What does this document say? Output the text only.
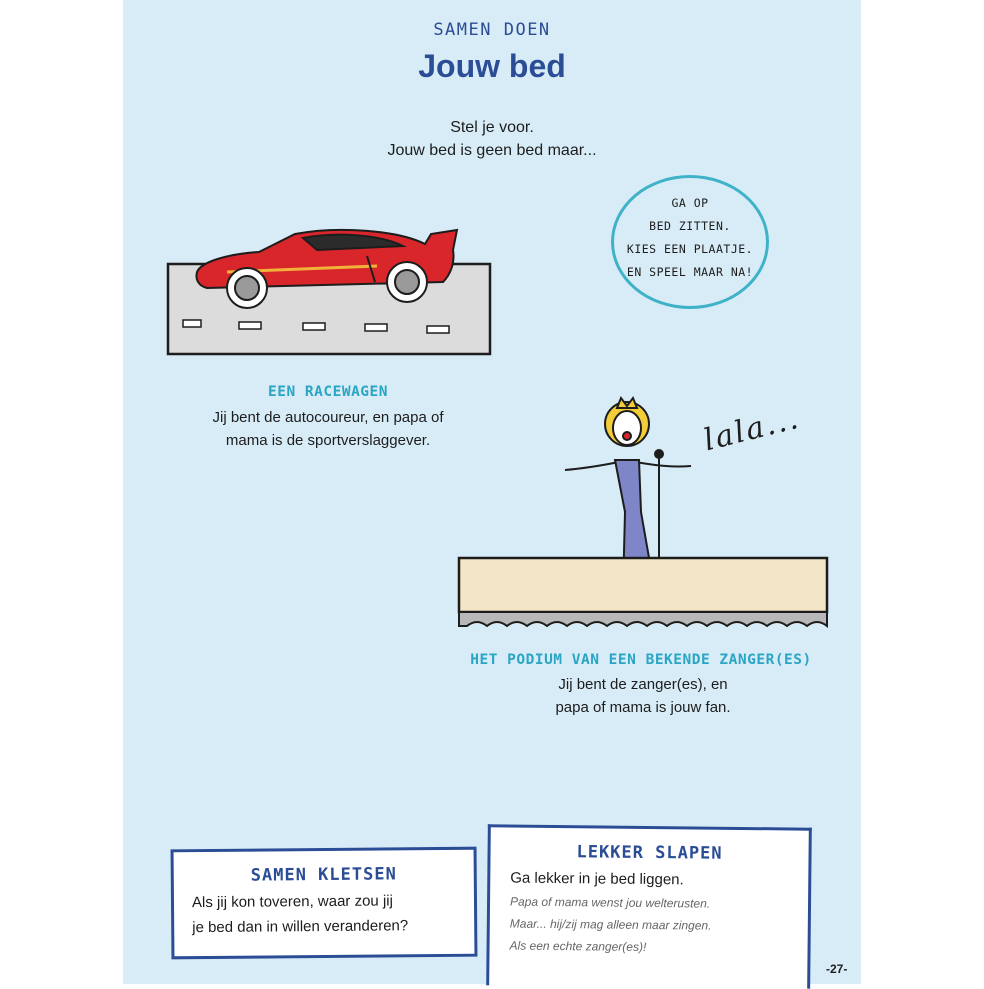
SAMEN DOEN
Jouw bed
Stel je voor.
Jouw bed is geen bed maar...
GA OP
BED ZITTEN.
KIES EEN PLAATJE.
EN SPEEL MAAR NA!
EEN RACEWAGEN
Jij bent de autocoureur, en papa of
mama is de sportverslaggever.	lala...
HET PODIUM VAN EEN BEKENDE ZANGER(ES)
Jij bent de zanger(es), en
papa of mama is jouw fan.
SAMEN KLETSEN
Als jij kon toveren, waar zou jij
je bed dan in willen veranderen?
LEKKER SLAPEN
Ga lekker in je bed liggen.
Papa of mama wenst jou welterusten.
Maar... hij/zij mag alleen maar zingen.
Als een echte zanger(es)!
-27-
